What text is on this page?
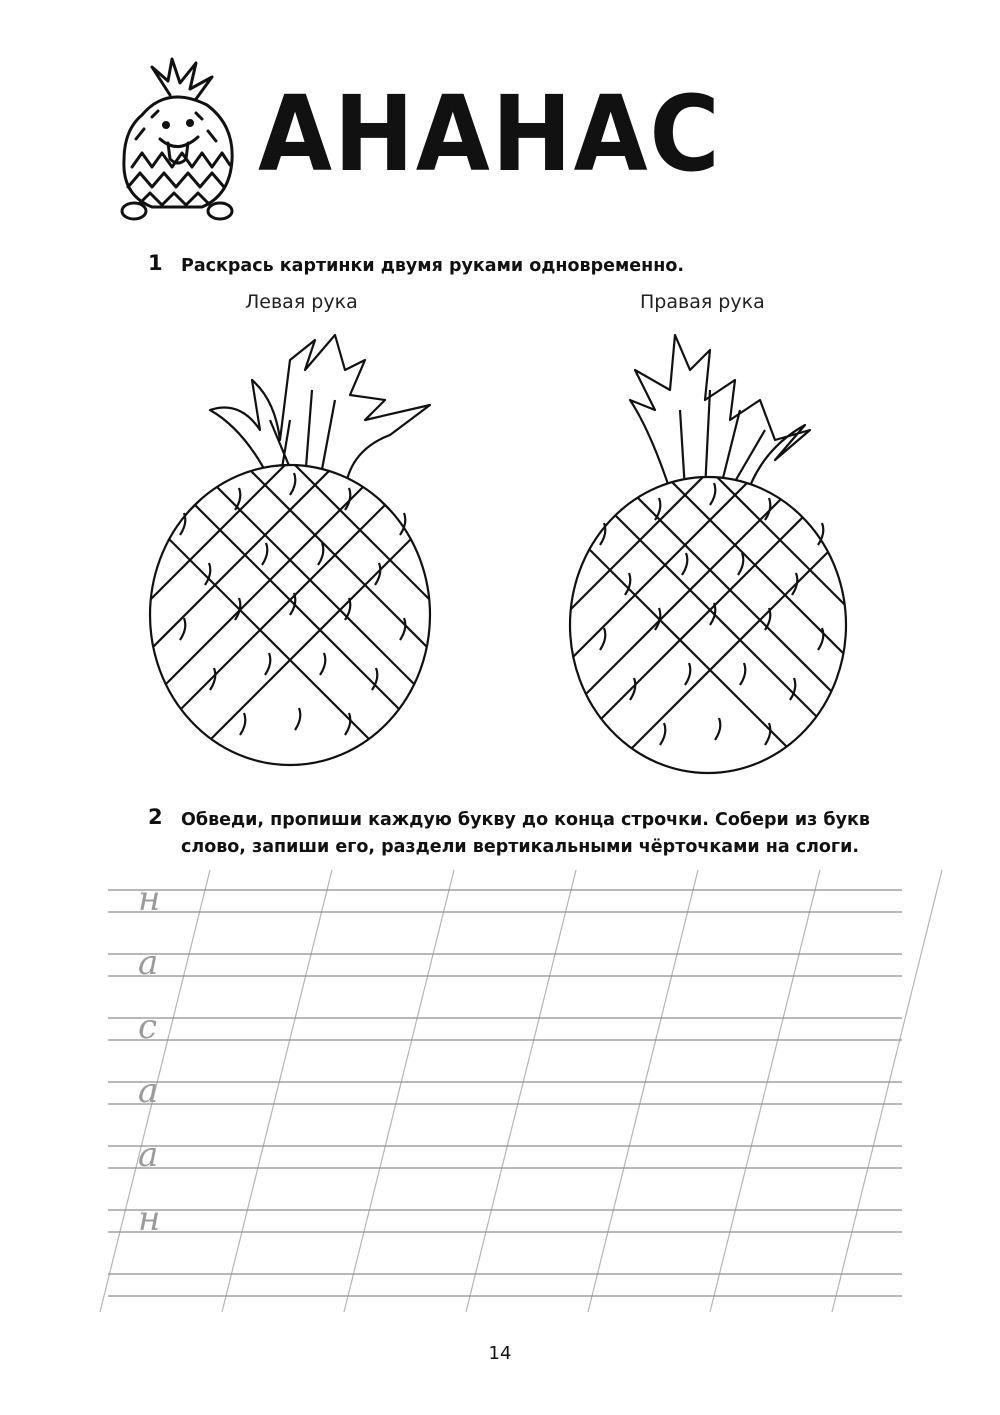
АНАНАС
1 Раскрась картинки двумя руками одновременно.
Левая рука	Правая рука
2 Обведи, пропиши каждую букву до конца строчки. Собери из букв
слово, запиши его, раздели вертикальными чёрточками на слоги.
н
а
с
а
а
н
14
